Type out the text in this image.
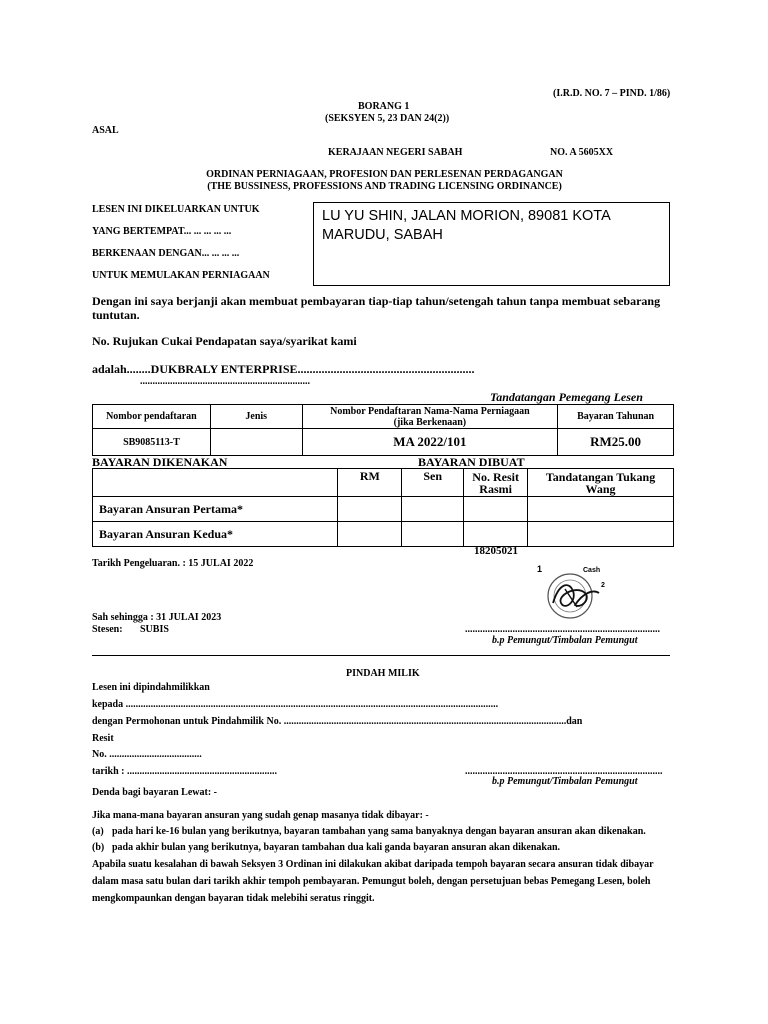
(I.R.D. NO. 7 – PIND. 1/86)
BORANG 1
(SEKSYEN 5, 23 DAN 24(2))
ASAL
KERAJAAN NEGERI SABAH	NO. A 5605XX
ORDINAN PERNIAGAAN, PROFESION DAN PERLESENAN PERDAGANGAN
(THE BUSSINESS, PROFESSIONS AND TRADING LICENSING ORDINANCE)
LESEN INI DIKELUARKAN UNTUK
YANG BERTEMPAT... ... ... ... ...
BERKENAAN DENGAN... ... ... ...
UNTUK MEMULAKAN PERNIAGAAN
LU YU SHIN, JALAN MORION, 89081 KOTA MARUDU, SABAH
Dengan ini saya berjanji akan membuat pembayaran tiap-tiap tahun/setengah tahun tanpa membuat sebarang tuntutan.
No. Rujukan Cukai Pendapatan saya/syarikat kami
adalah........DUKBRALY ENTERPRISE...........................................................
....................................................................
Tandatangan Pemegang Lesen
Nombor pendaftaran	Jenis	Nombor Pendaftaran Nama-Nama Perniagaan (jika Berkenaan)	Bayaran Tahunan
SB9085113-T		MA 2022/101	RM25.00
BAYARAN DIKENAKAN	BAYARAN DIBUAT
	RM	Sen	No. Resit Rasmi	Tandatangan Tukang Wang
Bayaran Ansuran Pertama*				
Bayaran Ansuran Kedua*				
18205021
Tarikh Pengeluaran. : 15 JULAI 2022	1	Cash
2
Sah sehingga : 31 JULAI 2023
Stesen: SUBIS	..............................................................................
b.p Pemungut/Timbalan Pemungut
PINDAH MILIK
Lesen ini dipindahmilikkan
kepada .....................................................................................................................................................
dengan Permohonan untuk Pindahmilik No. .................................................................................................................dan
Resit
No. .....................................
tarikh : ............................................................	...............................................................................
b.p Pemungut/Timbalan Pemungut
Denda bagi bayaran Lewat: -
Jika mana-mana bayaran ansuran yang sudah genap masanya tidak dibayar: -
(a) pada hari ke-16 bulan yang berikutnya, bayaran tambahan yang sama banyaknya dengan bayaran ansuran akan dikenakan.
(b) pada akhir bulan yang berikutnya, bayaran tambahan dua kali ganda bayaran ansuran akan dikenakan.
Apabila suatu kesalahan di bawah Seksyen 3 Ordinan ini dilakukan akibat daripada tempoh bayaran secara ansuran tidak dibayar
dalam masa satu bulan dari tarikh akhir tempoh pembayaran. Pemungut boleh, dengan persetujuan bebas Pemegang Lesen, boleh
mengkompaunkan dengan bayaran tidak melebihi seratus ringgit.
